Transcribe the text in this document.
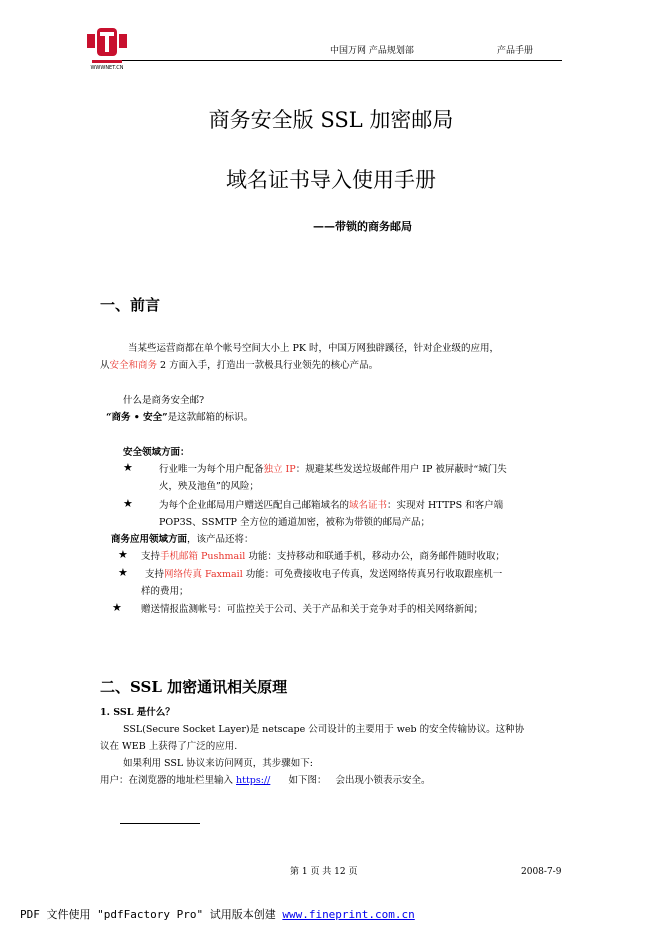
WWWNET.CN
中国万网 产品规划部	产品手册
商务安全版 SSL 加密邮局
域名证书导入使用手册
——带锁的商务邮局
一、前言
当某些运营商都在单个帐号空间大小上 PK 时，中国万网独辟蹊径，针对企业级的应用，
从安全和商务 2 方面入手，打造出一款极具行业领先的核心产品。
什么是商务安全邮?
“商务 • 安全”是这款邮箱的标识。
安全领域方面：
★	行业唯一为每个用户配备独立 IP：规避某些发送垃圾邮件用户 IP 被屏蔽时“城门失
火，殃及池鱼”的风险；
★	为每个企业邮局用户赠送匹配自己邮箱域名的域名证书：实现对 HTTPS 和客户端
POP3S、SSMTP 全方位的通道加密，被称为带锁的邮局产品；
商务应用领域方面，该产品还将：
★ 支持手机邮箱 Pushmail 功能：支持移动和联通手机，移动办公，商务邮件随时收取；
★ 支持网络传真 Faxmail 功能：可免费接收电子传真，发送网络传真另行收取跟座机一
样的费用；
★ 赠送情报监测帐号：可监控关于公司、关于产品和关于竞争对手的相关网络新闻；
二、SSL 加密通讯相关原理
1. SSL 是什么？
SSL(Secure Socket Layer)是 netscape 公司设计的主要用于 web 的安全传输协议。这种协
议在 WEB 上获得了广泛的应用.
如果利用 SSL 协议来访问网页，其步骤如下:
用户：在浏览器的地址栏里输入 https://      如下图：   会出现小锁表示安全。
第 1 页 共 12 页	2008-7-9
PDF 文件使用 "pdfFactory Pro" 试用版本创建 www.fineprint.com.cn
